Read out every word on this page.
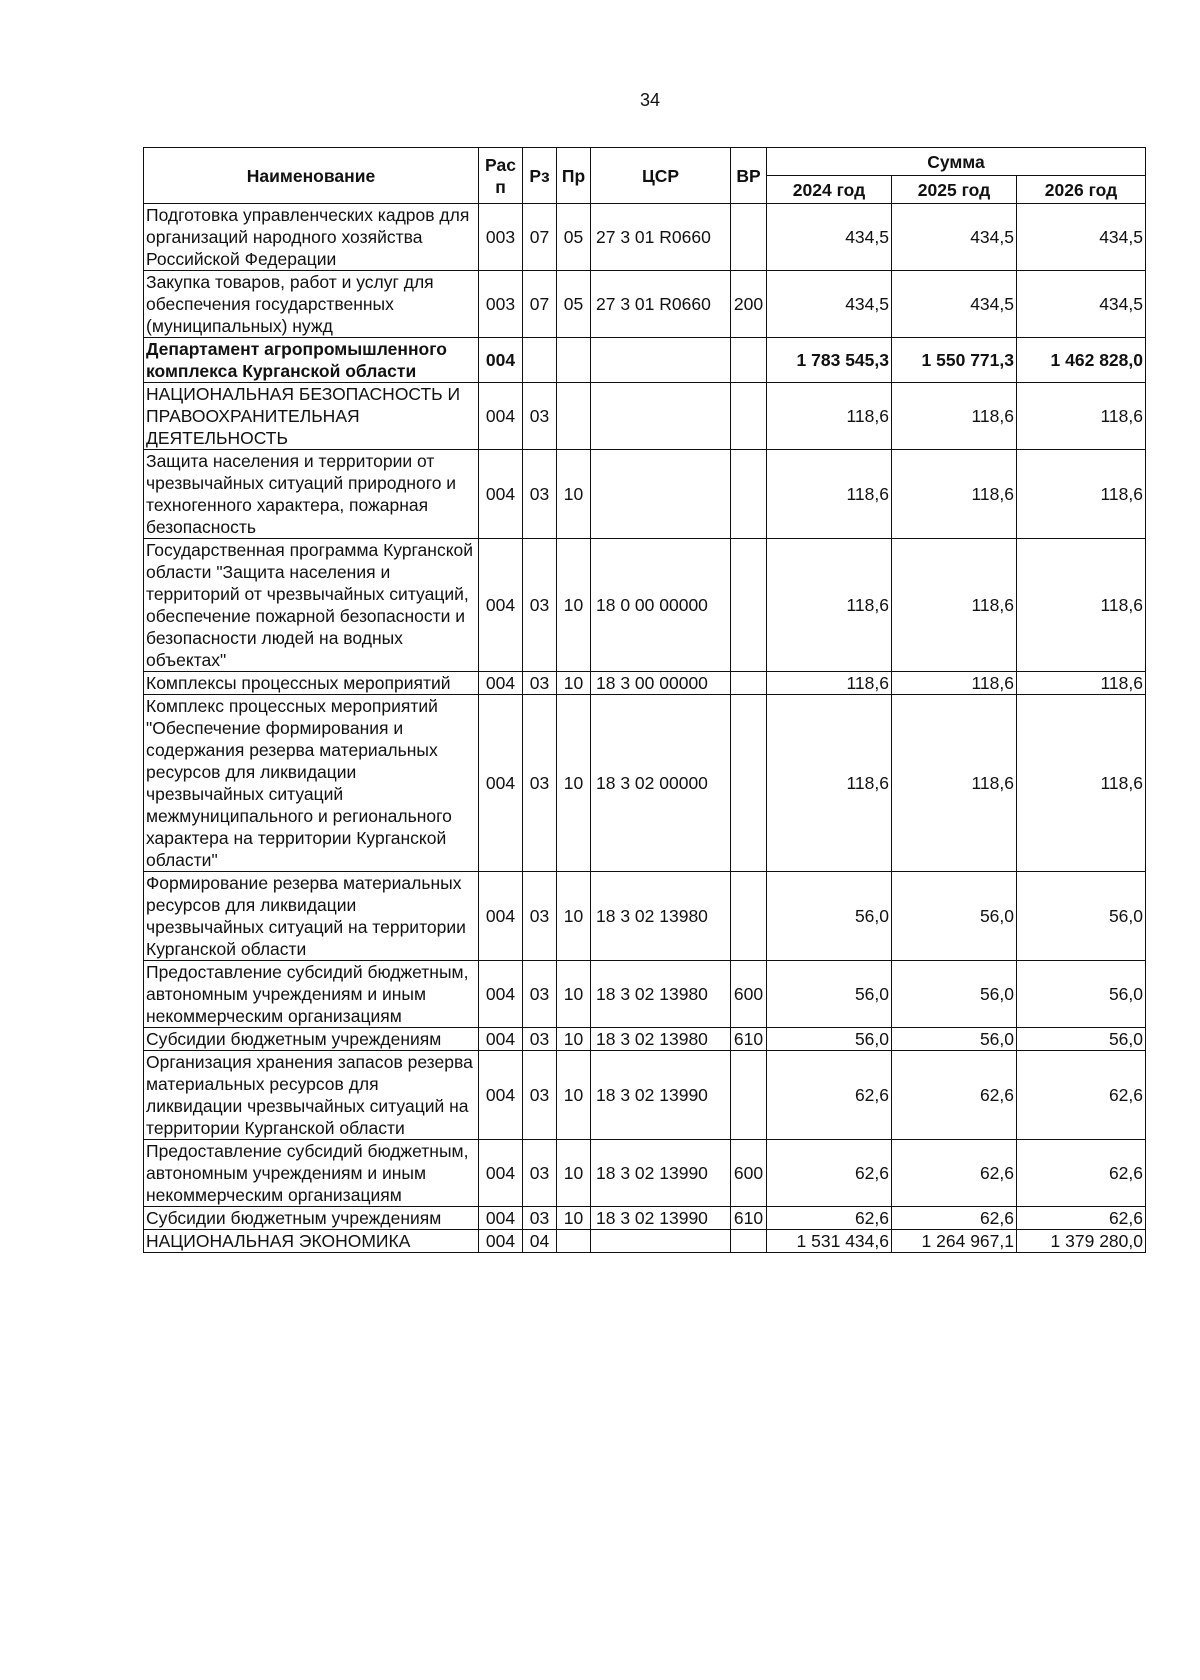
34
Наименование	Рас п	Рз	Пр	ЦСР	ВР	Сумма		
						2024 год	2025 год	2026 год
Подготовка управленческих кадров для организаций народного хозяйства Российской Федерации	003	07	05	27 3 01 R0660		434,5	434,5	434,5
Закупка товаров, работ и услуг для обеспечения государственных (муниципальных) нужд	003	07	05	27 3 01 R0660	200	434,5	434,5	434,5
Департамент агропромышленного комплекса Курганской области	004					1 783 545,3	1 550 771,3	1 462 828,0
НАЦИОНАЛЬНАЯ БЕЗОПАСНОСТЬ И ПРАВООХРАНИТЕЛЬНАЯ ДЕЯТЕЛЬНОСТЬ	004	03				118,6	118,6	118,6
Защита населения и территории от чрезвычайных ситуаций природного и техногенного характера, пожарная безопасность	004	03	10			118,6	118,6	118,6
Государственная программа Курганской области "Защита населения и территорий от чрезвычайных ситуаций, обеспечение пожарной безопасности и безопасности людей на водных объектах"	004	03	10	18 0 00 00000		118,6	118,6	118,6
Комплексы процессных мероприятий	004	03	10	18 3 00 00000		118,6	118,6	118,6
Комплекс процессных мероприятий "Обеспечение формирования и содержания резерва материальных ресурсов для ликвидации чрезвычайных ситуаций межмуниципального и регионального характера на территории Курганской области"	004	03	10	18 3 02 00000		118,6	118,6	118,6
Формирование резерва материальных ресурсов для ликвидации чрезвычайных ситуаций на территории Курганской области	004	03	10	18 3 02 13980		56,0	56,0	56,0
Предоставление субсидий бюджетным, автономным учреждениям и иным некоммерческим организациям	004	03	10	18 3 02 13980	600	56,0	56,0	56,0
Субсидии бюджетным учреждениям	004	03	10	18 3 02 13980	610	56,0	56,0	56,0
Организация хранения запасов резерва материальных ресурсов для ликвидации чрезвычайных ситуаций на территории Курганской области	004	03	10	18 3 02 13990		62,6	62,6	62,6
Предоставление субсидий бюджетным, автономным учреждениям и иным некоммерческим организациям	004	03	10	18 3 02 13990	600	62,6	62,6	62,6
Субсидии бюджетным учреждениям	004	03	10	18 3 02 13990	610	62,6	62,6	62,6
НАЦИОНАЛЬНАЯ ЭКОНОМИКА	004	04				1 531 434,6	1 264 967,1	1 379 280,0
